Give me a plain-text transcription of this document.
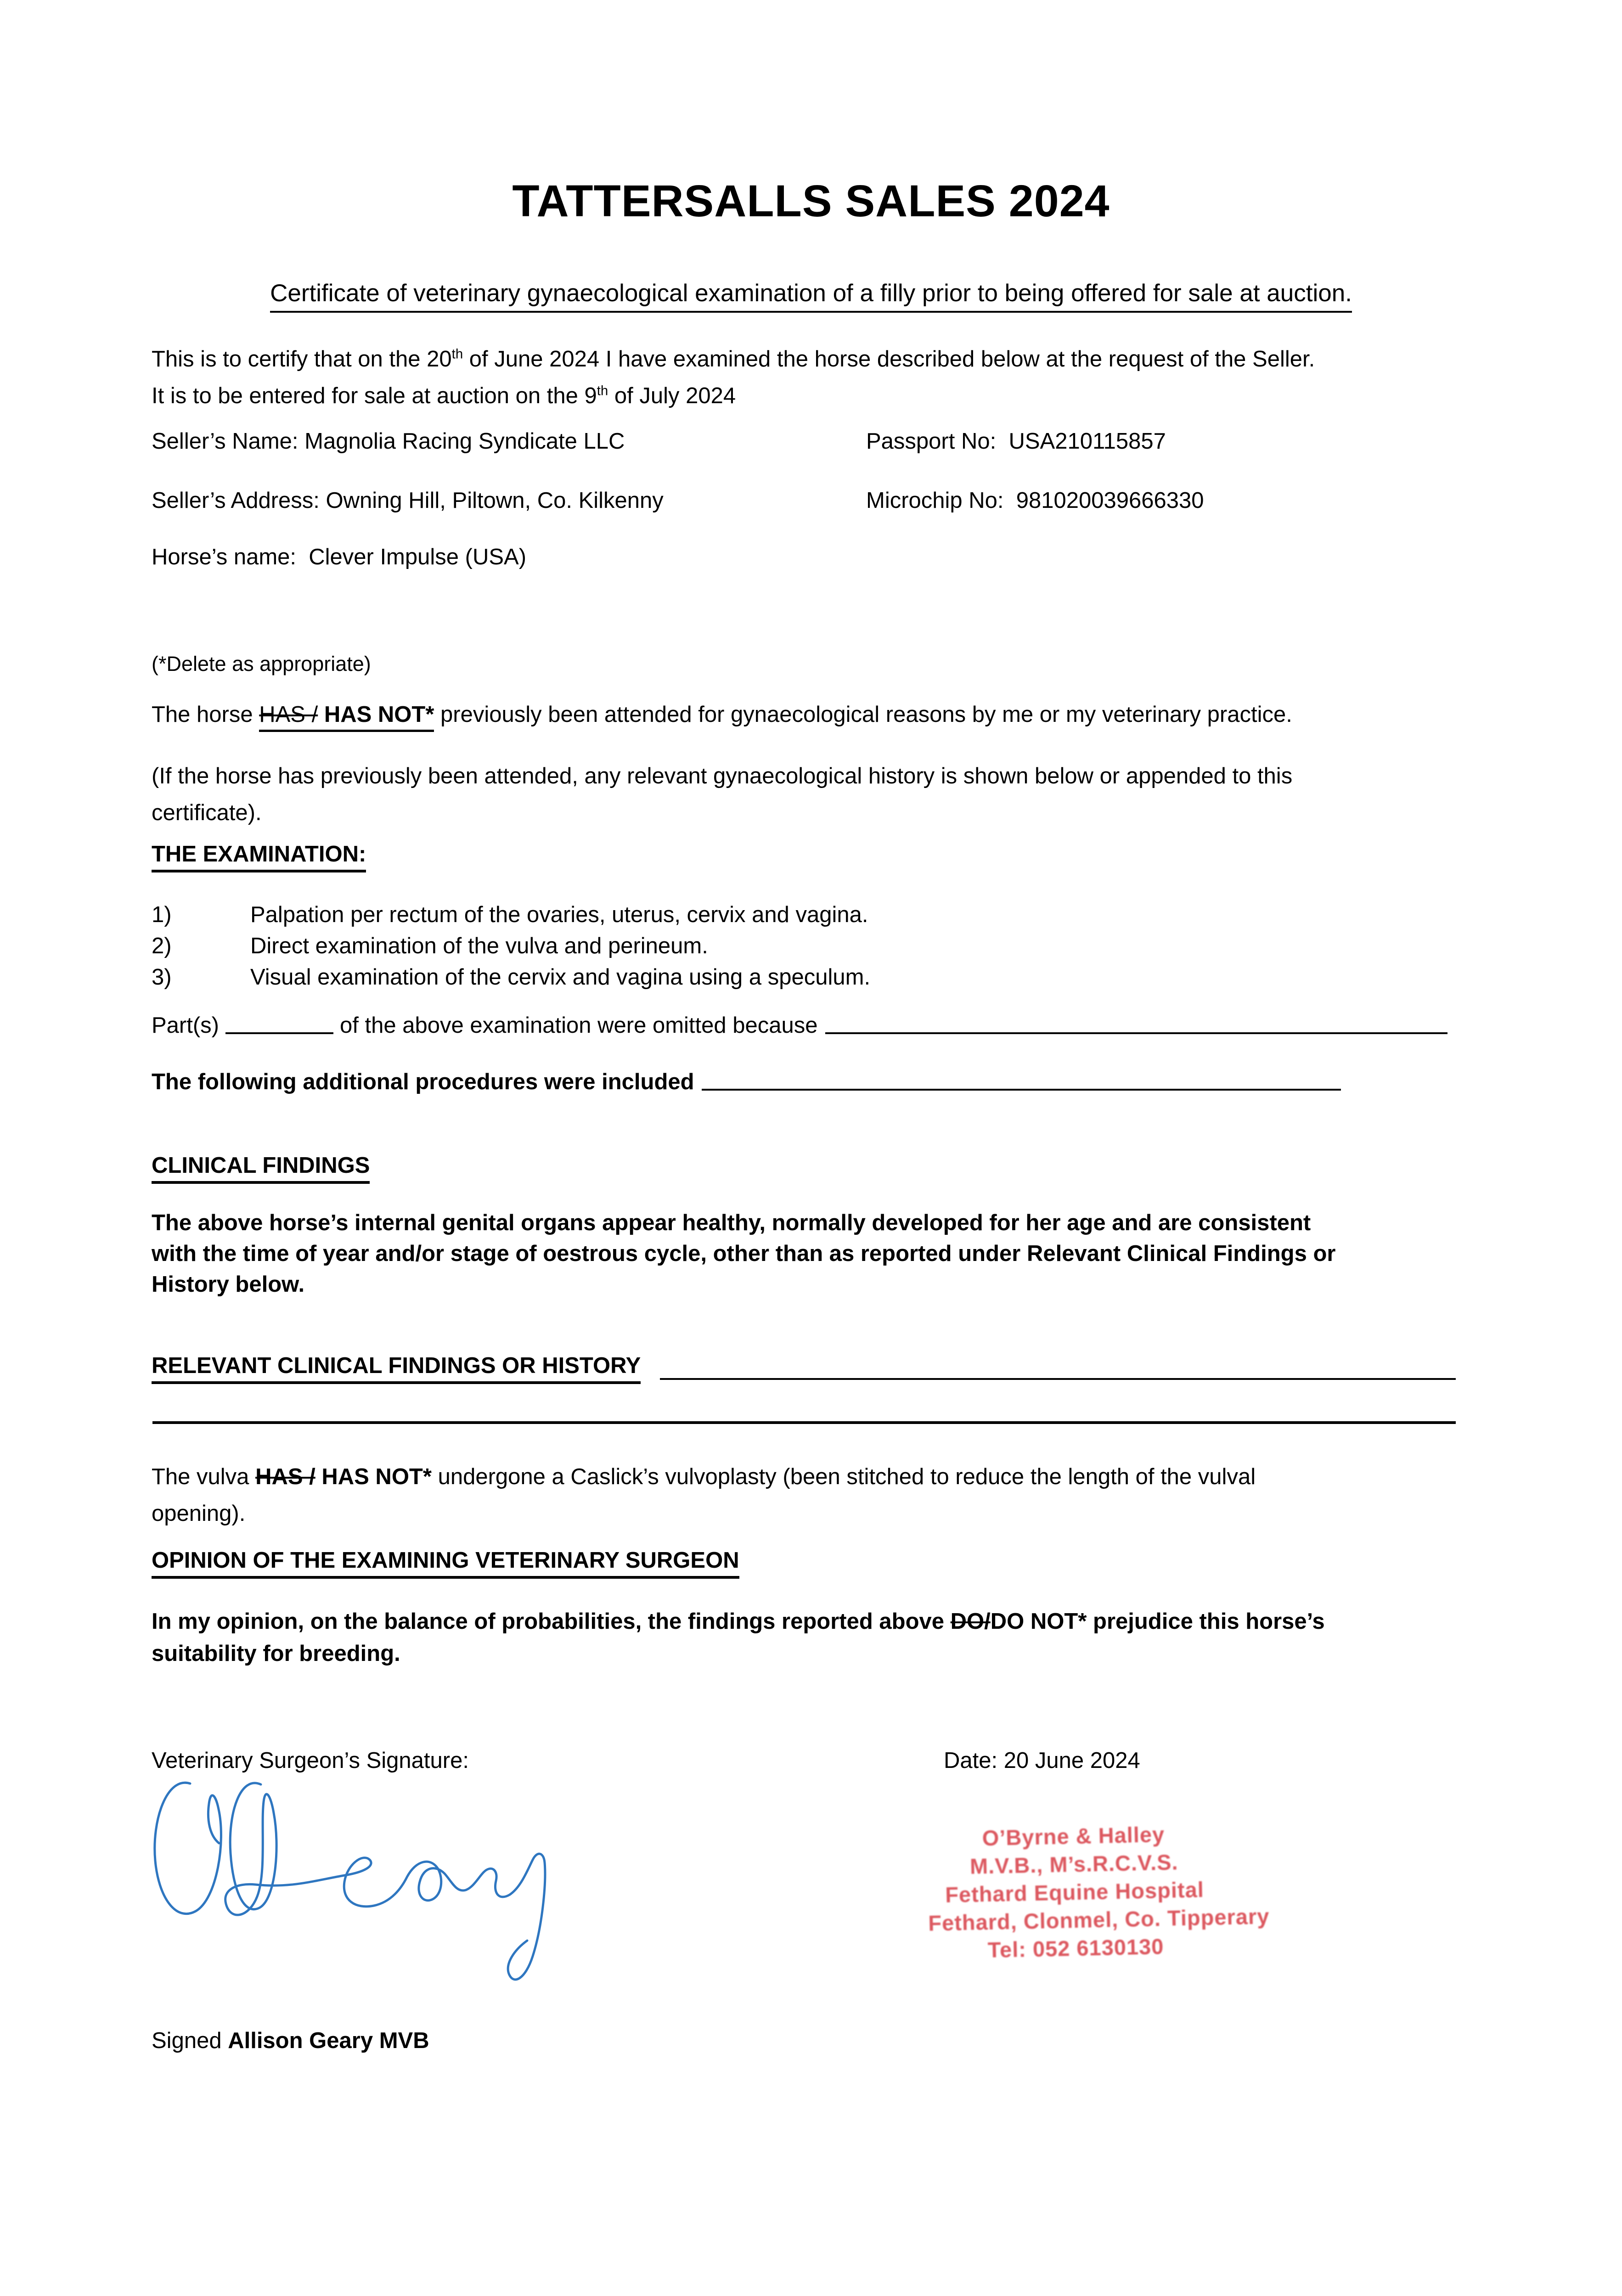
TATTERSALLS SALES 2024
Certificate of veterinary gynaecological examination of a filly prior to being offered for sale at auction.
This is to certify that on the 20th of June 2024 I have examined the horse described below at the request of the Seller.
It is to be entered for sale at auction on the 9th of July 2024
Seller’s Name: Magnolia Racing Syndicate LLC	Passport No:  USA210115857
Seller’s Address: Owning Hill, Piltown, Co. Kilkenny	Microchip No:  981020039666330
Horse’s name:  Clever Impulse (USA)
(*Delete as appropriate)
The horse HAS / HAS NOT* previously been attended for gynaecological reasons by me or my veterinary practice.
(If the horse has previously been attended, any relevant gynaecological history is shown below or appended to this
certificate).
THE EXAMINATION:
1)	Palpation per rectum of the ovaries, uterus, cervix and vagina.
2)	Direct examination of the vulva and perineum.
3)	Visual examination of the cervix and vagina using a speculum.
Part(s)	of the above examination were omitted because
The following additional procedures were included
CLINICAL FINDINGS
The above horse’s internal genital organs appear healthy, normally developed for her age and are consistent
with the time of year and/or stage of oestrous cycle, other than as reported under Relevant Clinical Findings or
History below.
RELEVANT CLINICAL FINDINGS OR HISTORY
The vulva HAS / HAS NOT* undergone a Caslick’s vulvoplasty (been stitched to reduce the length of the vulval
opening).
OPINION OF THE EXAMINING VETERINARY SURGEON
In my opinion, on the balance of probabilities, the findings reported above DO/DO NOT* prejudice this horse’s
suitability for breeding.
Veterinary Surgeon’s Signature:	Date: 20 June 2024
O’Byrne & Halley
M.V.B., M’s.R.C.V.S.
Fethard Equine Hospital
Fethard, Clonmel, Co. Tipperary
Tel: 052 6130130
Signed Allison Geary MVB
